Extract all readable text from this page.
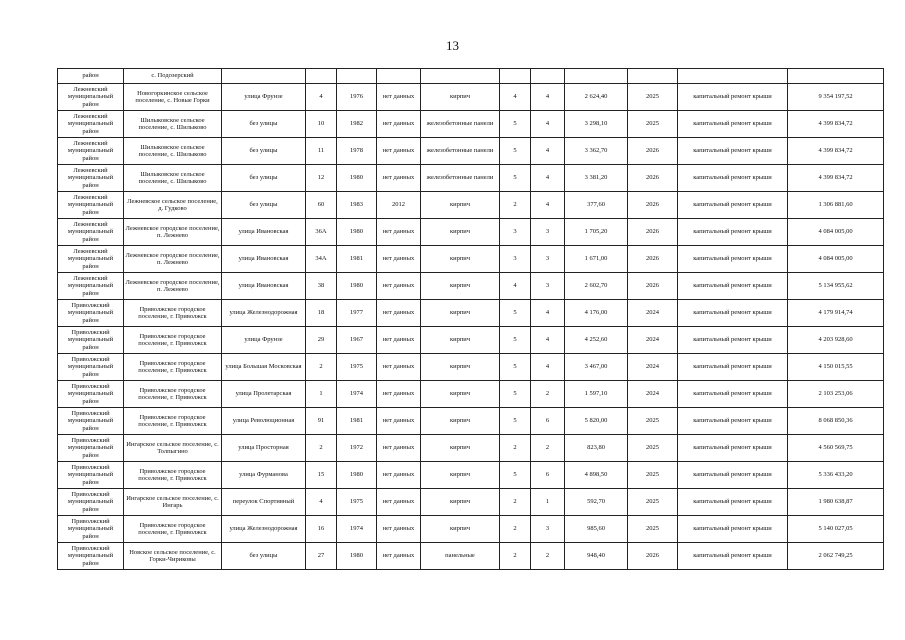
13
район	с. Подозерский											
Лежневский муниципальный район	Новогоркинское сельское поселение, с. Новые Горки	улица Фрунзе	4	1976	нет данных	кирпич	4	4	2 624,40	2025	капитальный ремонт крыши	9 354 197,52
Лежневский муниципальный район	Шилыковское сельское поселение, с. Шилыково	без улицы	10	1982	нет данных	железобетонные панели	5	4	3 298,10	2025	капитальный ремонт крыши	4 399 834,72
Лежневский муниципальный район	Шилыковское сельское поселение, с. Шилыково	без улицы	11	1978	нет данных	железобетонные панели	5	4	3 362,70	2026	капитальный ремонт крыши	4 399 834,72
Лежневский муниципальный район	Шилыковское сельское поселение, с. Шилыково	без улицы	12	1980	нет данных	железобетонные панели	5	4	3 381,20	2026	капитальный ремонт крыши	4 399 834,72
Лежневский муниципальный район	Лежневское сельское поселение, д. Гудково	без улицы	60	1983	2012	кирпич	2	4	377,60	2026	капитальный ремонт крыши	1 306 881,60
Лежневский муниципальный район	Лежневское городское поселение, п. Лежнево	улица Ивановская	36А	1980	нет данных	кирпич	3	3	1 705,20	2026	капитальный ремонт крыши	4 084 005,00
Лежневский муниципальный район	Лежневское городское поселение, п. Лежнево	улица Ивановская	34А	1981	нет данных	кирпич	3	3	1 671,00	2026	капитальный ремонт крыши	4 084 005,00
Лежневский муниципальный район	Лежневское городское поселение, п. Лежнево	улица Ивановская	38	1980	нет данных	кирпич	4	3	2 602,70	2026	капитальный ремонт крыши	5 134 955,62
Приволжский муниципальный район	Приволжское городское поселение, г. Приволжск	улица Железнодорожная	18	1977	нет данных	кирпич	5	4	4 176,00	2024	капитальный ремонт крыши	4 179 914,74
Приволжский муниципальный район	Приволжское городское поселение, г. Приволжск	улица Фрунзе	29	1967	нет данных	кирпич	5	4	4 252,60	2024	капитальный ремонт крыши	4 203 928,60
Приволжский муниципальный район	Приволжское городское поселение, г. Приволжск	улица Большая Московская	2	1975	нет данных	кирпич	5	4	3 467,00	2024	капитальный ремонт крыши	4 150 015,55
Приволжский муниципальный район	Приволжское городское поселение, г. Приволжск	улица Пролетарская	1	1974	нет данных	кирпич	5	2	1 597,10	2024	капитальный ремонт крыши	2 103 253,06
Приволжский муниципальный район	Приволжское городское поселение, г. Приволжск	улица Революционная	91	1981	нет данных	кирпич	5	6	5 820,00	2025	капитальный ремонт крыши	8 068 850,36
Приволжский муниципальный район	Ингарское сельское поселение, с. Толпыгино	улица Просторная	2	1972	нет данных	кирпич	2	2	823,80	2025	капитальный ремонт крыши	4 560 569,75
Приволжский муниципальный район	Приволжское городское поселение, г. Приволжск	улица Фурманова	15	1980	нет данных	кирпич	5	6	4 898,50	2025	капитальный ремонт крыши	5 336 433,20
Приволжский муниципальный район	Ингарское сельское поселение, с. Ингарь	переулок Спортивный	4	1975	нет данных	кирпич	2	1	592,70	2025	капитальный ремонт крыши	1 980 638,87
Приволжский муниципальный район	Приволжское городское поселение, г. Приволжск	улица Железнодорожная	16	1974	нет данных	кирпич	2	3	985,60	2025	капитальный ремонт крыши	5 140 027,05
Приволжский муниципальный район	Новское сельское поселение, с. Горки-Чириковы	без улицы	27	1980	нет данных	панельные	2	2	948,40	2026	капитальный ремонт крыши	2 062 749,25
